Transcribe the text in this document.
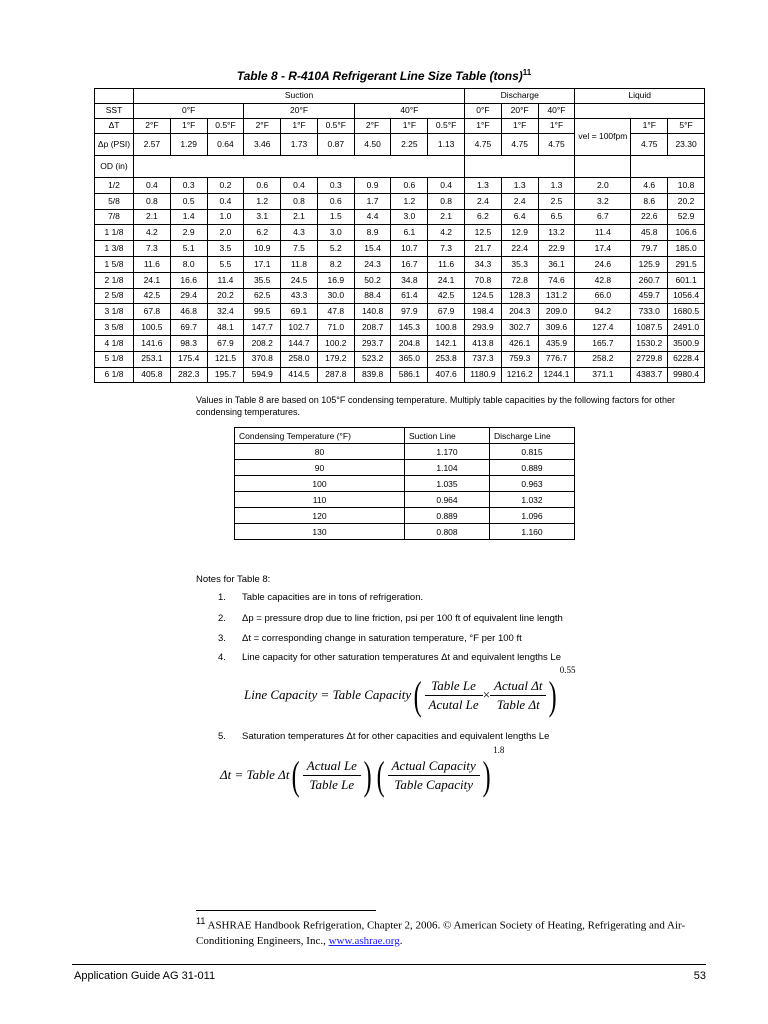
Table 8 - R-410A Refrigerant Line Size Table (tons)$^{11}$
	Suction									Discharge			Liquid		
SST	0°F			20°F			40°F			0°F	20°F	40°F			
ΔT	2°F	1°F	0.5°F	2°F	1°F	0.5°F	2°F	1°F	0.5°F	1°F	1°F	1°F	vel = 100fpm	1°F	5°F
Δp (PSI)	2.57	1.29	0.64	3.46	1.73	0.87	4.50	2.25	1.13	4.75	4.75	4.75		4.75	23.30
OD (in)															
1/2	0.4	0.3	0.2	0.6	0.4	0.3	0.9	0.6	0.4	1.3	1.3	1.3	2.0	4.6	10.8
5/8	0.8	0.5	0.4	1.2	0.8	0.6	1.7	1.2	0.8	2.4	2.4	2.5	3.2	8.6	20.2
7/8	2.1	1.4	1.0	3.1	2.1	1.5	4.4	3.0	2.1	6.2	6.4	6.5	6.7	22.6	52.9
1 1/8	4.2	2.9	2.0	6.2	4.3	3.0	8.9	6.1	4.2	12.5	12.9	13.2	11.4	45.8	106.6
1 3/8	7.3	5.1	3.5	10.9	7.5	5.2	15.4	10.7	7.3	21.7	22.4	22.9	17.4	79.7	185.0
1 5/8	11.6	8.0	5.5	17.1	11.8	8.2	24.3	16.7	11.6	34.3	35.3	36.1	24.6	125.9	291.5
2 1/8	24.1	16.6	11.4	35.5	24.5	16.9	50.2	34.8	24.1	70.8	72.8	74.6	42.8	260.7	601.1
2 5/8	42.5	29.4	20.2	62.5	43.3	30.0	88.4	61.4	42.5	124.5	128.3	131.2	66.0	459.7	1056.4
3 1/8	67.8	46.8	32.4	99.5	69.1	47.8	140.8	97.9	67.9	198.4	204.3	209.0	94.2	733.0	1680.5
3 5/8	100.5	69.7	48.1	147.7	102.7	71.0	208.7	145.3	100.8	293.9	302.7	309.6	127.4	1087.5	2491.0
4 1/8	141.6	98.3	67.9	208.2	144.7	100.2	293.7	204.8	142.1	413.8	426.1	435.9	165.7	1530.2	3500.9
5 1/8	253.1	175.4	121.5	370.8	258.0	179.2	523.2	365.0	253.8	737.3	759.3	776.7	258.2	2729.8	6228.4
6 1/8	405.8	282.3	195.7	594.9	414.5	287.8	839.8	586.1	407.6	1180.9	1216.2	1244.1	371.1	4383.7	9980.4
Values in Table 8 are based on 105°F condensing temperature. Multiply table capacities by the following factors for other condensing temperatures.
Condensing Temperature (°F)	Suction Line	Discharge Line
80	1.170	0.815
90	1.104	0.889
100	1.035	0.963
110	0.964	1.032
120	0.889	1.096
130	0.808	1.160
Notes for Table 8:
1. Table capacities are in tons of refrigeration.
2. Δp = pressure drop due to line friction, psi per 100 ft of equivalent line length
3. Δt = corresponding change in saturation temperature, °F per 100 ft
4. Line capacity for other saturation temperatures Δt and equivalent lengths Le
5. Saturation temperatures Δt for other capacities and equivalent lengths Le
Line Capacity = Table Capacity( $\frac{\text{Table Le}}{\text{Acutal Le}} \times \frac{\text{Actual Δt}}{\text{Table Δt}} )^{0.55}$
Δt = Table $\Delta t( \frac{\text{Actual Le}}{\text{Table Le}}$ ) ( $\frac{\text{Actual Capacity}}{\text{Table Capacity}} )^{1.8}$
$^{11}$ ASHRAE Handbook Refrigeration, Chapter 2, 2006. © American Society of Heating, Refrigerating and Air-Conditioning Engineers, Inc., www.ashrae.org.
Application Guide AG 31-011	53
